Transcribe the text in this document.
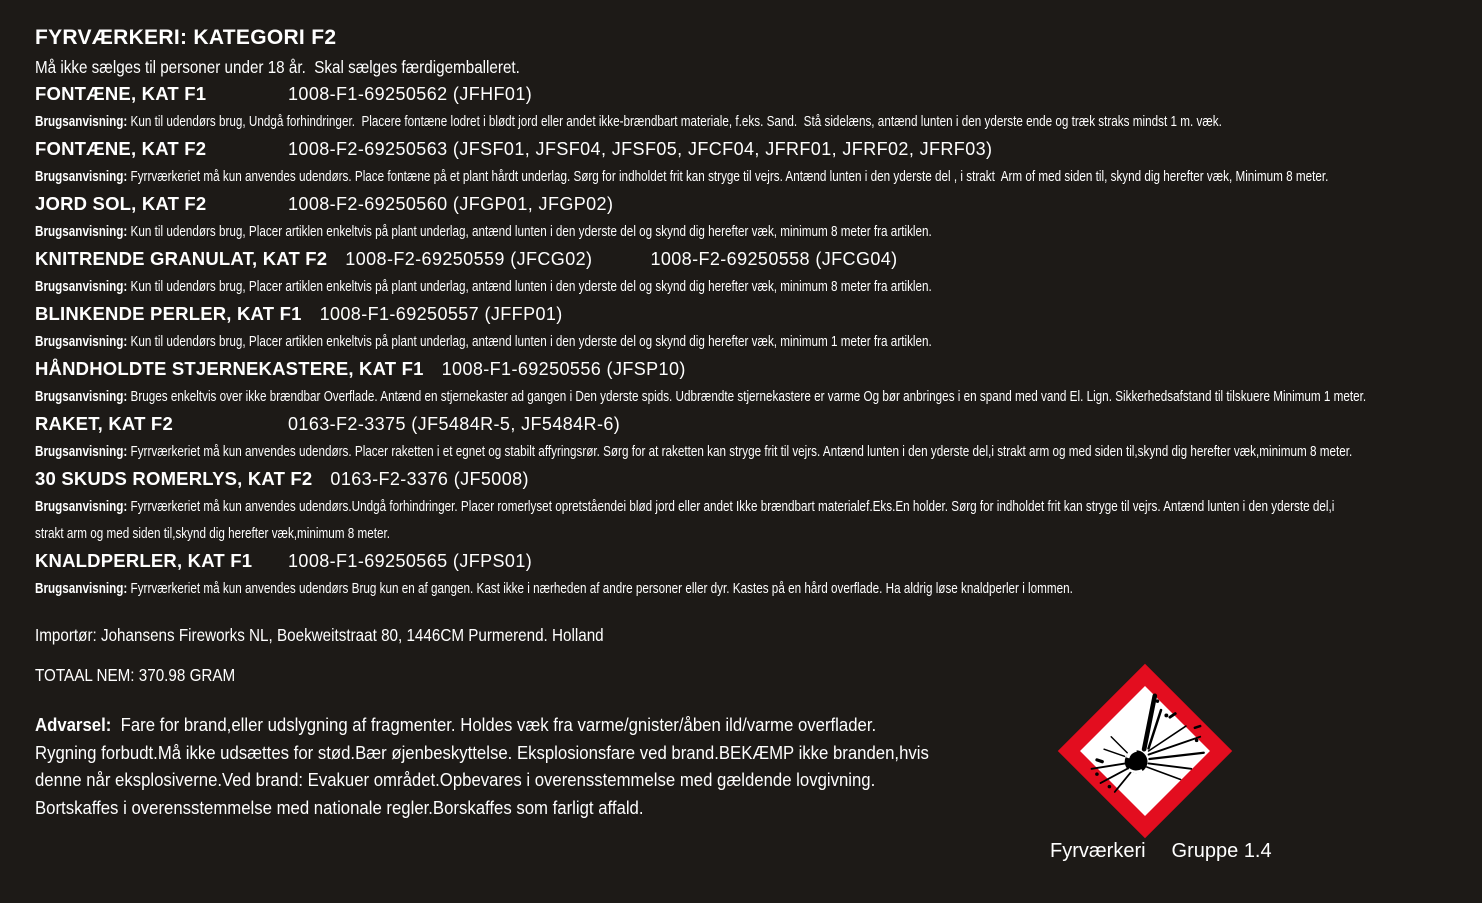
FYRVÆRKERI: KATEGORI F2
Må ikke sælges til personer under 18 år.  Skal sælges færdigemballeret.
FONTÆNE, KAT F1	1008-F1-69250562 (JFHF01)
Brugsanvisning: Kun til udendørs brug, Undgå forhindringer.  Placere fontæne lodret i blødt jord eller andet ikke-brændbart materiale, f.eks. Sand.  Stå sidelæns, antænd lunten i den yderste ende og træk straks mindst 1 m. væk.
FONTÆNE, KAT F2	1008-F2-69250563 (JFSF01, JFSF04, JFSF05, JFCF04, JFRF01, JFRF02, JFRF03)
Brugsanvisning: Fyrrværkeriet må kun anvendes udendørs. Place fontæne på et plant hårdt underlag. Sørg for indholdet frit kan stryge til vejrs. Antænd lunten i den yderste del , i strakt  Arm of med siden til, skynd dig herefter væk, Minimum 8 meter.
JORD SOL, KAT F2	1008-F2-69250560 (JFGP01, JFGP02)
Brugsanvisning: Kun til udendørs brug, Placer artiklen enkeltvis på plant underlag, antænd lunten i den yderste del og skynd dig herefter væk, minimum 8 meter fra artiklen.
KNITRENDE GRANULAT, KAT F2	1008-F2-69250559 (JFCG02)	1008-F2-69250558 (JFCG04)
Brugsanvisning: Kun til udendørs brug, Placer artiklen enkeltvis på plant underlag, antænd lunten i den yderste del og skynd dig herefter væk, minimum 8 meter fra artiklen.
BLINKENDE PERLER, KAT F1	1008-F1-69250557 (JFFP01)
Brugsanvisning: Kun til udendørs brug, Placer artiklen enkeltvis på plant underlag, antænd lunten i den yderste del og skynd dig herefter væk, minimum 1 meter fra artiklen.
HÅNDHOLDTE STJERNEKASTERE, KAT F1	1008-F1-69250556 (JFSP10)
Brugsanvisning: Bruges enkeltvis over ikke brændbar Overflade. Antænd en stjernekaster ad gangen i Den yderste spids. Udbrændte stjernekastere er varme Og bør anbringes i en spand med vand El. Lign. Sikkerhedsafstand til tilskuere Minimum 1 meter.
RAKET, KAT F2	0163-F2-3375 (JF5484R-5, JF5484R-6)
Brugsanvisning: Fyrrværkeriet må kun anvendes udendørs. Placer raketten i et egnet og stabilt affyringsrør. Sørg for at raketten kan stryge frit til vejrs. Antænd lunten i den yderste del,i strakt arm og med siden til,skynd dig herefter væk,minimum 8 meter.
30 SKUDS ROMERLYS, KAT F2	0163-F2-3376 (JF5008)
Brugsanvisning: Fyrrværkeriet må kun anvendes udendørs.Undgå forhindringer. Placer romerlyset opretståendei blød jord eller andet Ikke brændbart materialef.Eks.En holder. Sørg for indholdet frit kan stryge til vejrs. Antænd lunten i den yderste del,i
strakt arm og med siden til,skynd dig herefter væk,minimum 8 meter.
KNALDPERLER, KAT F1	1008-F1-69250565 (JFPS01)
Brugsanvisning: Fyrrværkeriet må kun anvendes udendørs Brug kun en af gangen. Kast ikke i nærheden af andre personer eller dyr. Kastes på en hård overflade. Ha aldrig løse knaldperler i lommen.
Importør: Johansens Fireworks NL, Boekweitstraat 80, 1446CM Purmerend. Holland
TOTAAL NEM: 370.98 GRAM
Advarsel:  Fare for brand,eller udslygning af fragmenter. Holdes væk fra varme/gnister/åben ild/varme overflader.
Rygning forbudt.Må ikke udsættes for stød.Bær øjenbeskyttelse. Eksplosionsfare ved brand.BEKÆMP ikke branden,hvis
denne når eksplosiverne.Ved brand: Evakuer området.Opbevares i overensstemmelse med gældende lovgivning.
Bortskaffes i overensstemmelse med nationale regler.Borskaffes som farligt affald.
Fyrværkeri Gruppe 1.4
